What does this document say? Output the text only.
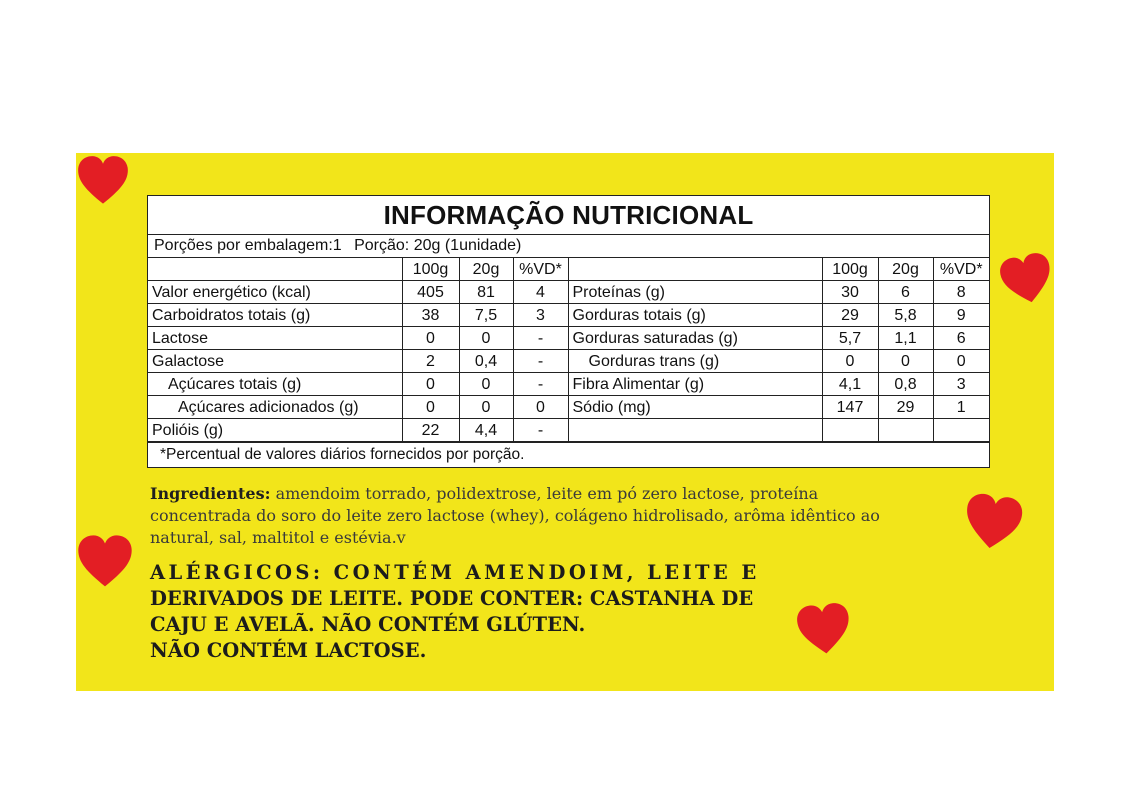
INFORMAÇÃO NUTRICIONAL
Porções por embalagem:1 Porção: 20g (1unidade)
	100g	20g	%VD*		100g	20g	%VD*
Valor energético (kcal)	405	81	4	Proteínas (g)	30	6	8
Carboidratos totais (g)	38	7,5	3	Gorduras totais (g)	29	5,8	9
Lactose	0	0	-	Gorduras saturadas (g)	5,7	1,1	6
Galactose	2	0,4	-	Gorduras trans (g)	0	0	0
Açúcares totais (g)	0	0	-	Fibra Alimentar (g)	4,1	0,8	3
Açúcares adicionados (g)	0	0	0	Sódio (mg)	147	29	1
Polióis (g)	22	4,4	-				
*Percentual de valores diários fornecidos por porção.
Ingredientes: amendoim torrado, polidextrose, leite em pó zero lactose, proteína concentrada do soro do leite zero lactose (whey), colágeno hidrolisado, arôma idêntico ao natural, sal, maltitol e estévia.v
ALÉRGICOS: CONTÉM AMENDOIM, LEITE E
DERIVADOS DE LEITE. PODE CONTER: CASTANHA DE
CAJU E AVELÃ. NÃO CONTÉM GLÚTEN.
NÃO CONTÉM LACTOSE.
